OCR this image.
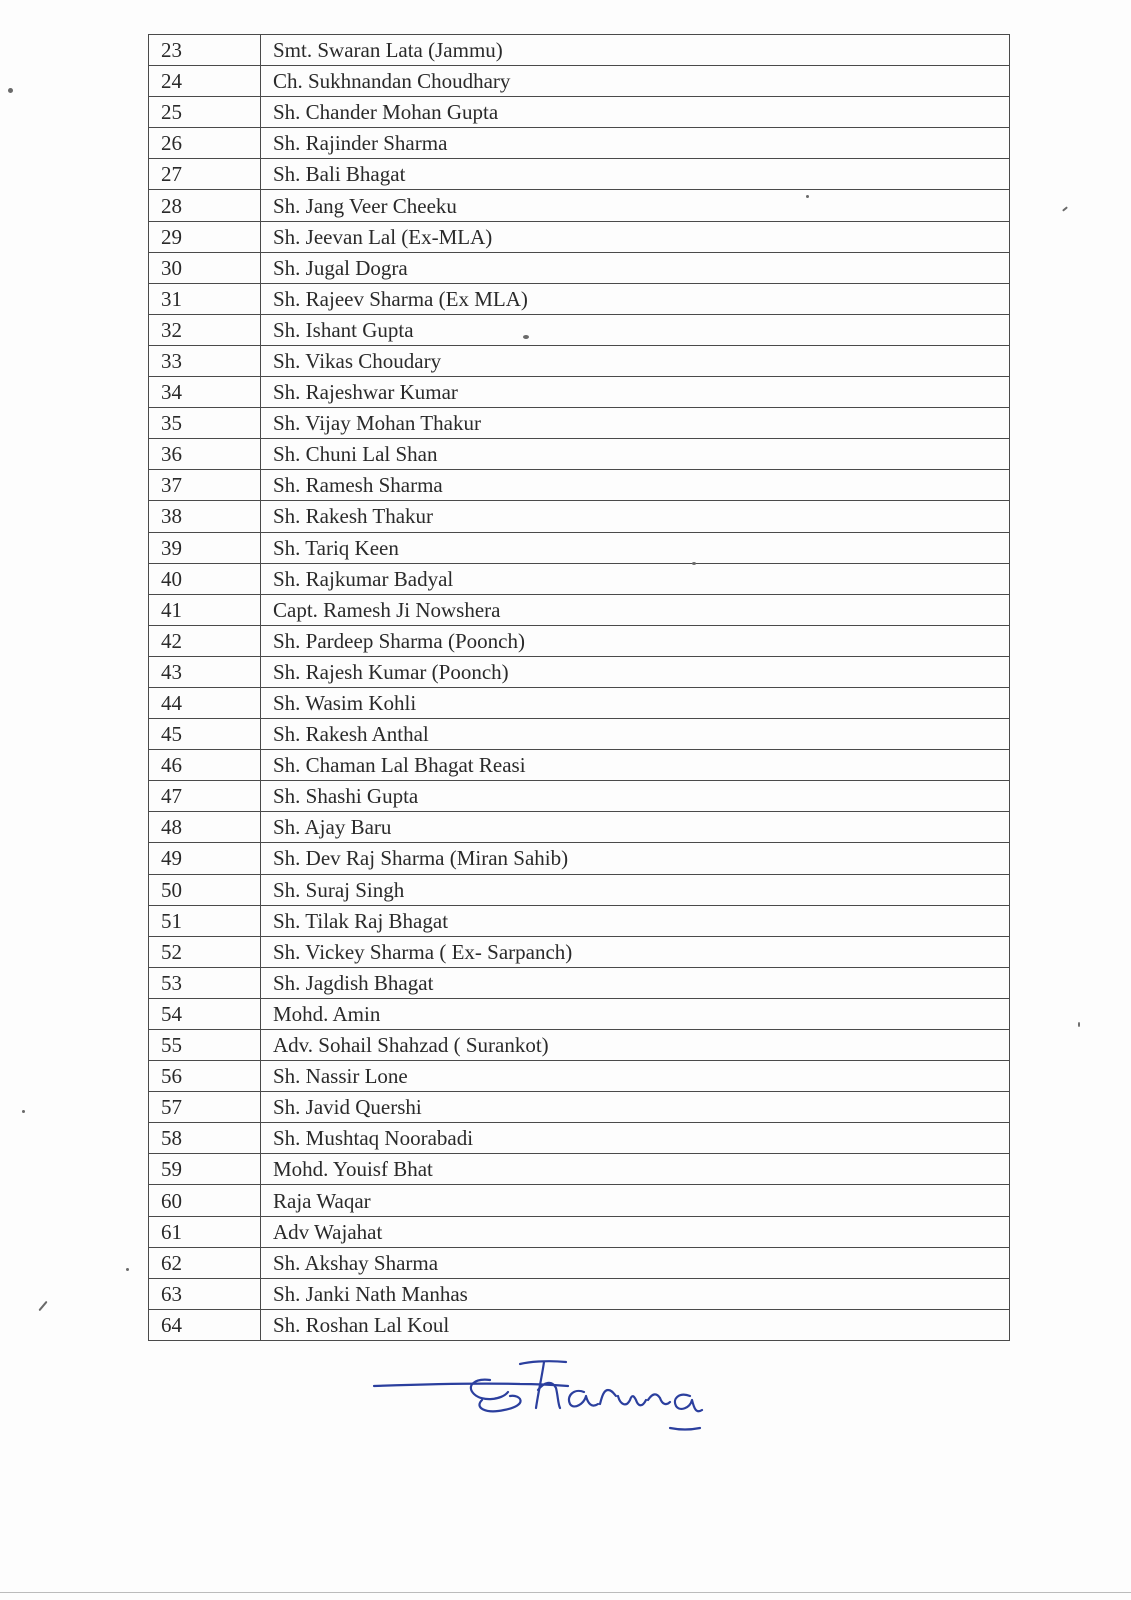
23	Smt. Swaran Lata (Jammu)
24	Ch. Sukhnandan Choudhary
25	Sh. Chander Mohan Gupta
26	Sh. Rajinder Sharma
27	Sh. Bali Bhagat
28	Sh. Jang Veer Cheeku
29	Sh. Jeevan Lal (Ex-MLA)
30	Sh. Jugal Dogra
31	Sh. Rajeev Sharma (Ex MLA)
32	Sh. Ishant Gupta
33	Sh. Vikas Choudary
34	Sh. Rajeshwar Kumar
35	Sh. Vijay Mohan Thakur
36	Sh. Chuni Lal Shan
37	Sh. Ramesh Sharma
38	Sh. Rakesh Thakur
39	Sh. Tariq Keen
40	Sh. Rajkumar Badyal
41	Capt. Ramesh Ji Nowshera
42	Sh. Pardeep Sharma (Poonch)
43	Sh. Rajesh Kumar (Poonch)
44	Sh. Wasim Kohli
45	Sh. Rakesh Anthal
46	Sh. Chaman Lal Bhagat Reasi
47	Sh. Shashi Gupta
48	Sh. Ajay Baru
49	Sh. Dev Raj Sharma (Miran Sahib)
50	Sh. Suraj Singh
51	Sh. Tilak Raj Bhagat
52	Sh. Vickey Sharma ( Ex- Sarpanch)
53	Sh. Jagdish Bhagat
54	Mohd. Amin
55	Adv. Sohail Shahzad ( Surankot)
56	Sh. Nassir Lone
57	Sh. Javid Quershi
58	Sh. Mushtaq Noorabadi
59	Mohd. Youisf Bhat
60	Raja Waqar
61	Adv Wajahat
62	Sh. Akshay Sharma
63	Sh. Janki Nath Manhas
64	Sh. Roshan Lal Koul
